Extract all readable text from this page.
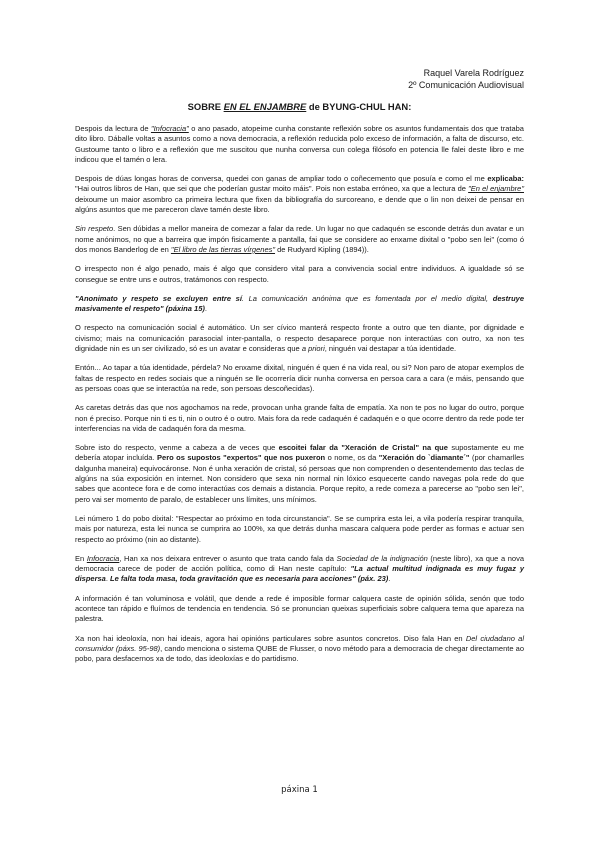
Raquel Varela Rodríguez
2º Comunicación Audiovisual
SOBRE EN EL ENJAMBRE de BYUNG-CHUL HAN:

Despois da lectura de "Infocracia" o ano pasado, atopeime cunha constante reflexión sobre os asuntos fundamentais dos que trataba dito libro. Dáballe voltas a asuntos como a nova democracia, a reflexión reducida polo exceso de información, a falta de discurso, etc. Gustoume tanto o libro e a reflexión que me suscitou que nunha conversa cun colega filósofo en potencia lle falei deste libro e me indicou que el tamén o lera.

Despois de dúas longas horas de conversa, quedei con ganas de ampliar todo o coñecemento que posuía e como el me explicaba: "Hai outros libros de Han, que sei que che poderían gustar moito máis". Pois non estaba erróneo, xa que a lectura de "En el enjambre" deixoume un maior asombro ca primeira lectura que fixen da bibliografía do surcoreano, e dende que o lin non deixei de pensar en algúns asuntos que me pareceron clave tamén deste libro.

Sin respeto. Sen dúbidas a mellor maneira de comezar a falar da rede. Un lugar no que cadaquén se esconde detrás dun avatar e un nome anónimos, no que a barreira que impón fisicamente a pantalla, fai que se considere ao enxame dixital o "pobo sen lei" (como ó dos monos Banderlog de en "El libro de las tierras vírgenes" de Rudyard Kipling (1894)).

O irrespecto non é algo penado, mais é algo que considero vital para a convivencia social entre individuos. A igualdade só se consegue se entre uns e outros, tratámonos con respecto.

"Anonimato y respeto se excluyen entre sí. La comunicación anónima que es fomentada por el medio digital, destruye masivamente el respeto" (páxina 15).

O respecto na comunicación social é automático. Un ser cívico manterá respecto fronte a outro que ten diante, por dignidade e civismo; mais na comunicación parasocial inter-pantalla, o respecto desaparece porque non interactúas con outro, xa non tes dignidade nin es un ser civilizado, só es un avatar e consideras que a priori, ninguén vai destapar a túa identidade.

Entón... Ao tapar a túa identidade, pérdela? No enxame dixital, ninguén é quen é na vida real, ou si? Non paro de atopar exemplos de faltas de respecto en redes sociais que a ninguén se lle ocorrería dicir nunha conversa en persoa cara a cara (e máis, pensando que as persoas coas que se interactúa na rede, son persoas descoñecidas).

As caretas detrás das que nos agochamos na rede, provocan unha grande falta de empatía. Xa non te pos no lugar do outro, porque non é preciso. Porque nin ti es ti, nin o outro é o outro. Mais fora da rede cadaquén é cadaquén e o que ocorre dentro da rede pode ter interferencias na vida de cadaquén fora da mesma.

Sobre isto do respecto, venme a cabeza a de veces que escoitei falar da "Xeración de Cristal" na que supostamente eu me debería atopar incluída. Pero os supostos "expertos" que nos puxeron o nome, os da "Xeración do `diamante´" (por chamarlles dalgunha maneira) equivocáronse. Non é unha xeración de cristal, só persoas que non comprenden o desentendemento das teclas de algúns na súa exposición en internet. Non considero que sexa nin normal nin lóxico esquecerte cando navegas pola rede do que sabes que acontece fora e de como interactúas cos demais a distancia. Porque repito, a rede comeza a parecerse ao "pobo sen lei", pero vai ser momento de paralo, de establecer uns límites, uns mínimos.

Lei número 1 do pobo dixital: "Respectar ao próximo en toda circunstancia". Se se cumprira esta lei, a vila podería respirar tranquila, mais por natureza, esta lei nunca se cumprira ao 100%, xa que detrás dunha mascara calquera pode perder as formas e actuar sen respecto ao próximo (nin ao distante).

En Infocracia, Han xa nos deixara entrever o asunto que trata cando fala da Sociedad de la indignación (neste libro), xa que a nova democracia carece de poder de acción política, como di Han neste capítulo: "La actual multitud indignada es muy fugaz y dispersa. Le falta toda masa, toda gravitación que es necesaria para acciones" (páx. 23).

A información é tan voluminosa e volátil, que dende a rede é imposible formar calquera caste de opinión sólida, senón que todo acontece tan rápido e fluímos de tendencia en tendencia. Só se pronuncian queixas superficiais sobre calquera tema que apareza na palestra.

Xa non hai ideoloxía, non hai ideais, agora hai opinións particulares sobre asuntos concretos. Diso fala Han en Del ciudadano al consumidor (páxs. 95-98), cando menciona o sistema QUBE de Flusser, o novo método para a democracia de chegar directamente ao pobo, para desfacernos xa de todo, das ideoloxías e do partidismo.

páxina 1
